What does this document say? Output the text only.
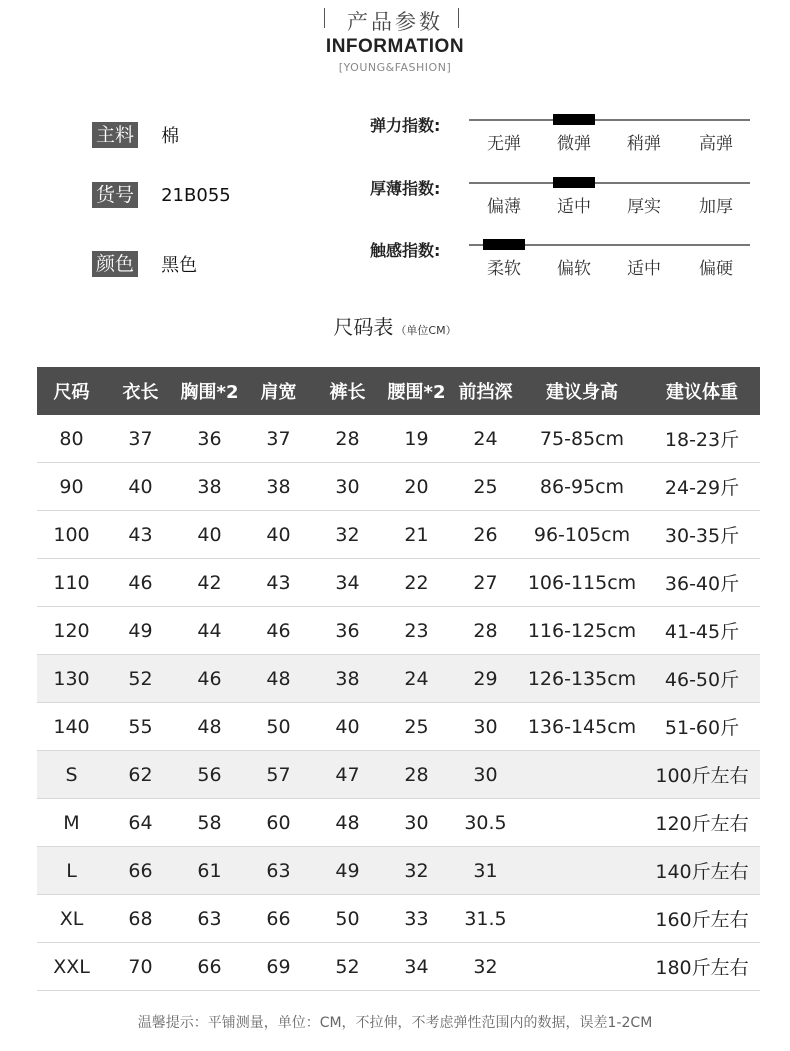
产品参数
INFORMATION
[YOUNG&FASHION]
主料 棉
货号 21B055
颜色 黑色
弹力指数:
无弹	微弹	稍弹	高弹
厚薄指数:
偏薄	适中	厚实	加厚
触感指数:
柔软	偏软	适中	偏硬
尺码表 （单位CM）
尺码	衣长	胸围*2	肩宽	裤长	腰围*2	前挡深	建议身高	建议体重
80	37	36	37	28	19	24	75-85cm	18-23斤
90	40	38	38	30	20	25	86-95cm	24-29斤
100	43	40	40	32	21	26	96-105cm	30-35斤
110	46	42	43	34	22	27	106-115cm	36-40斤
120	49	44	46	36	23	28	116-125cm	41-45斤
130	52	46	48	38	24	29	126-135cm	46-50斤
140	55	48	50	40	25	30	136-145cm	51-60斤
S	62	56	57	47	28	30		100斤左右
M	64	58	60	48	30	30.5		120斤左右
L	66	61	63	49	32	31		140斤左右
XL	68	63	66	50	33	31.5		160斤左右
XXL	70	66	69	52	34	32		180斤左右
温馨提示：平铺测量，单位：CM，不拉伸，不考虑弹性范围内的数据，误差1-2CM
